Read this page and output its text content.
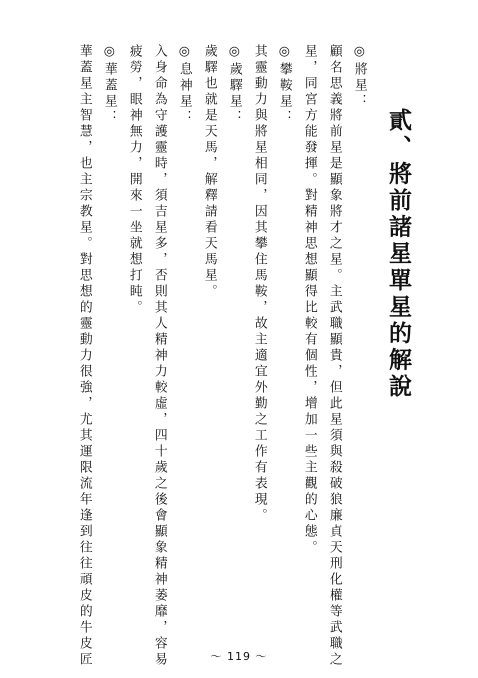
貳、將前諸星單星的解說

◎將星：

顧名思義將前星是顯象將才之星。主武職顯貴，但此星須與殺破狼廉貞天刑化權等武職之

星，同宮方能發揮。對精神思想顯得比較有個性，增加一些主觀的心態。

◎攀鞍星：

其靈動力與將星相同，因其攀住馬鞍，故主適宜外勤之工作有表現。

◎歲驛星：

歲驛也就是天馬，解釋請看天馬星。

◎息神星：

入身命為守護靈時，須吉星多，否則其人精神力較虛，四十歲之後會顯象精神萎靡，容易

疲勞，眼神無力，開來一坐就想打盹。

◎華蓋星：

華蓋星主智慧，也主宗教星。對思想的靈動力很強，尤其運限流年逢到往往頑皮的牛皮匠	～ 119 ～
